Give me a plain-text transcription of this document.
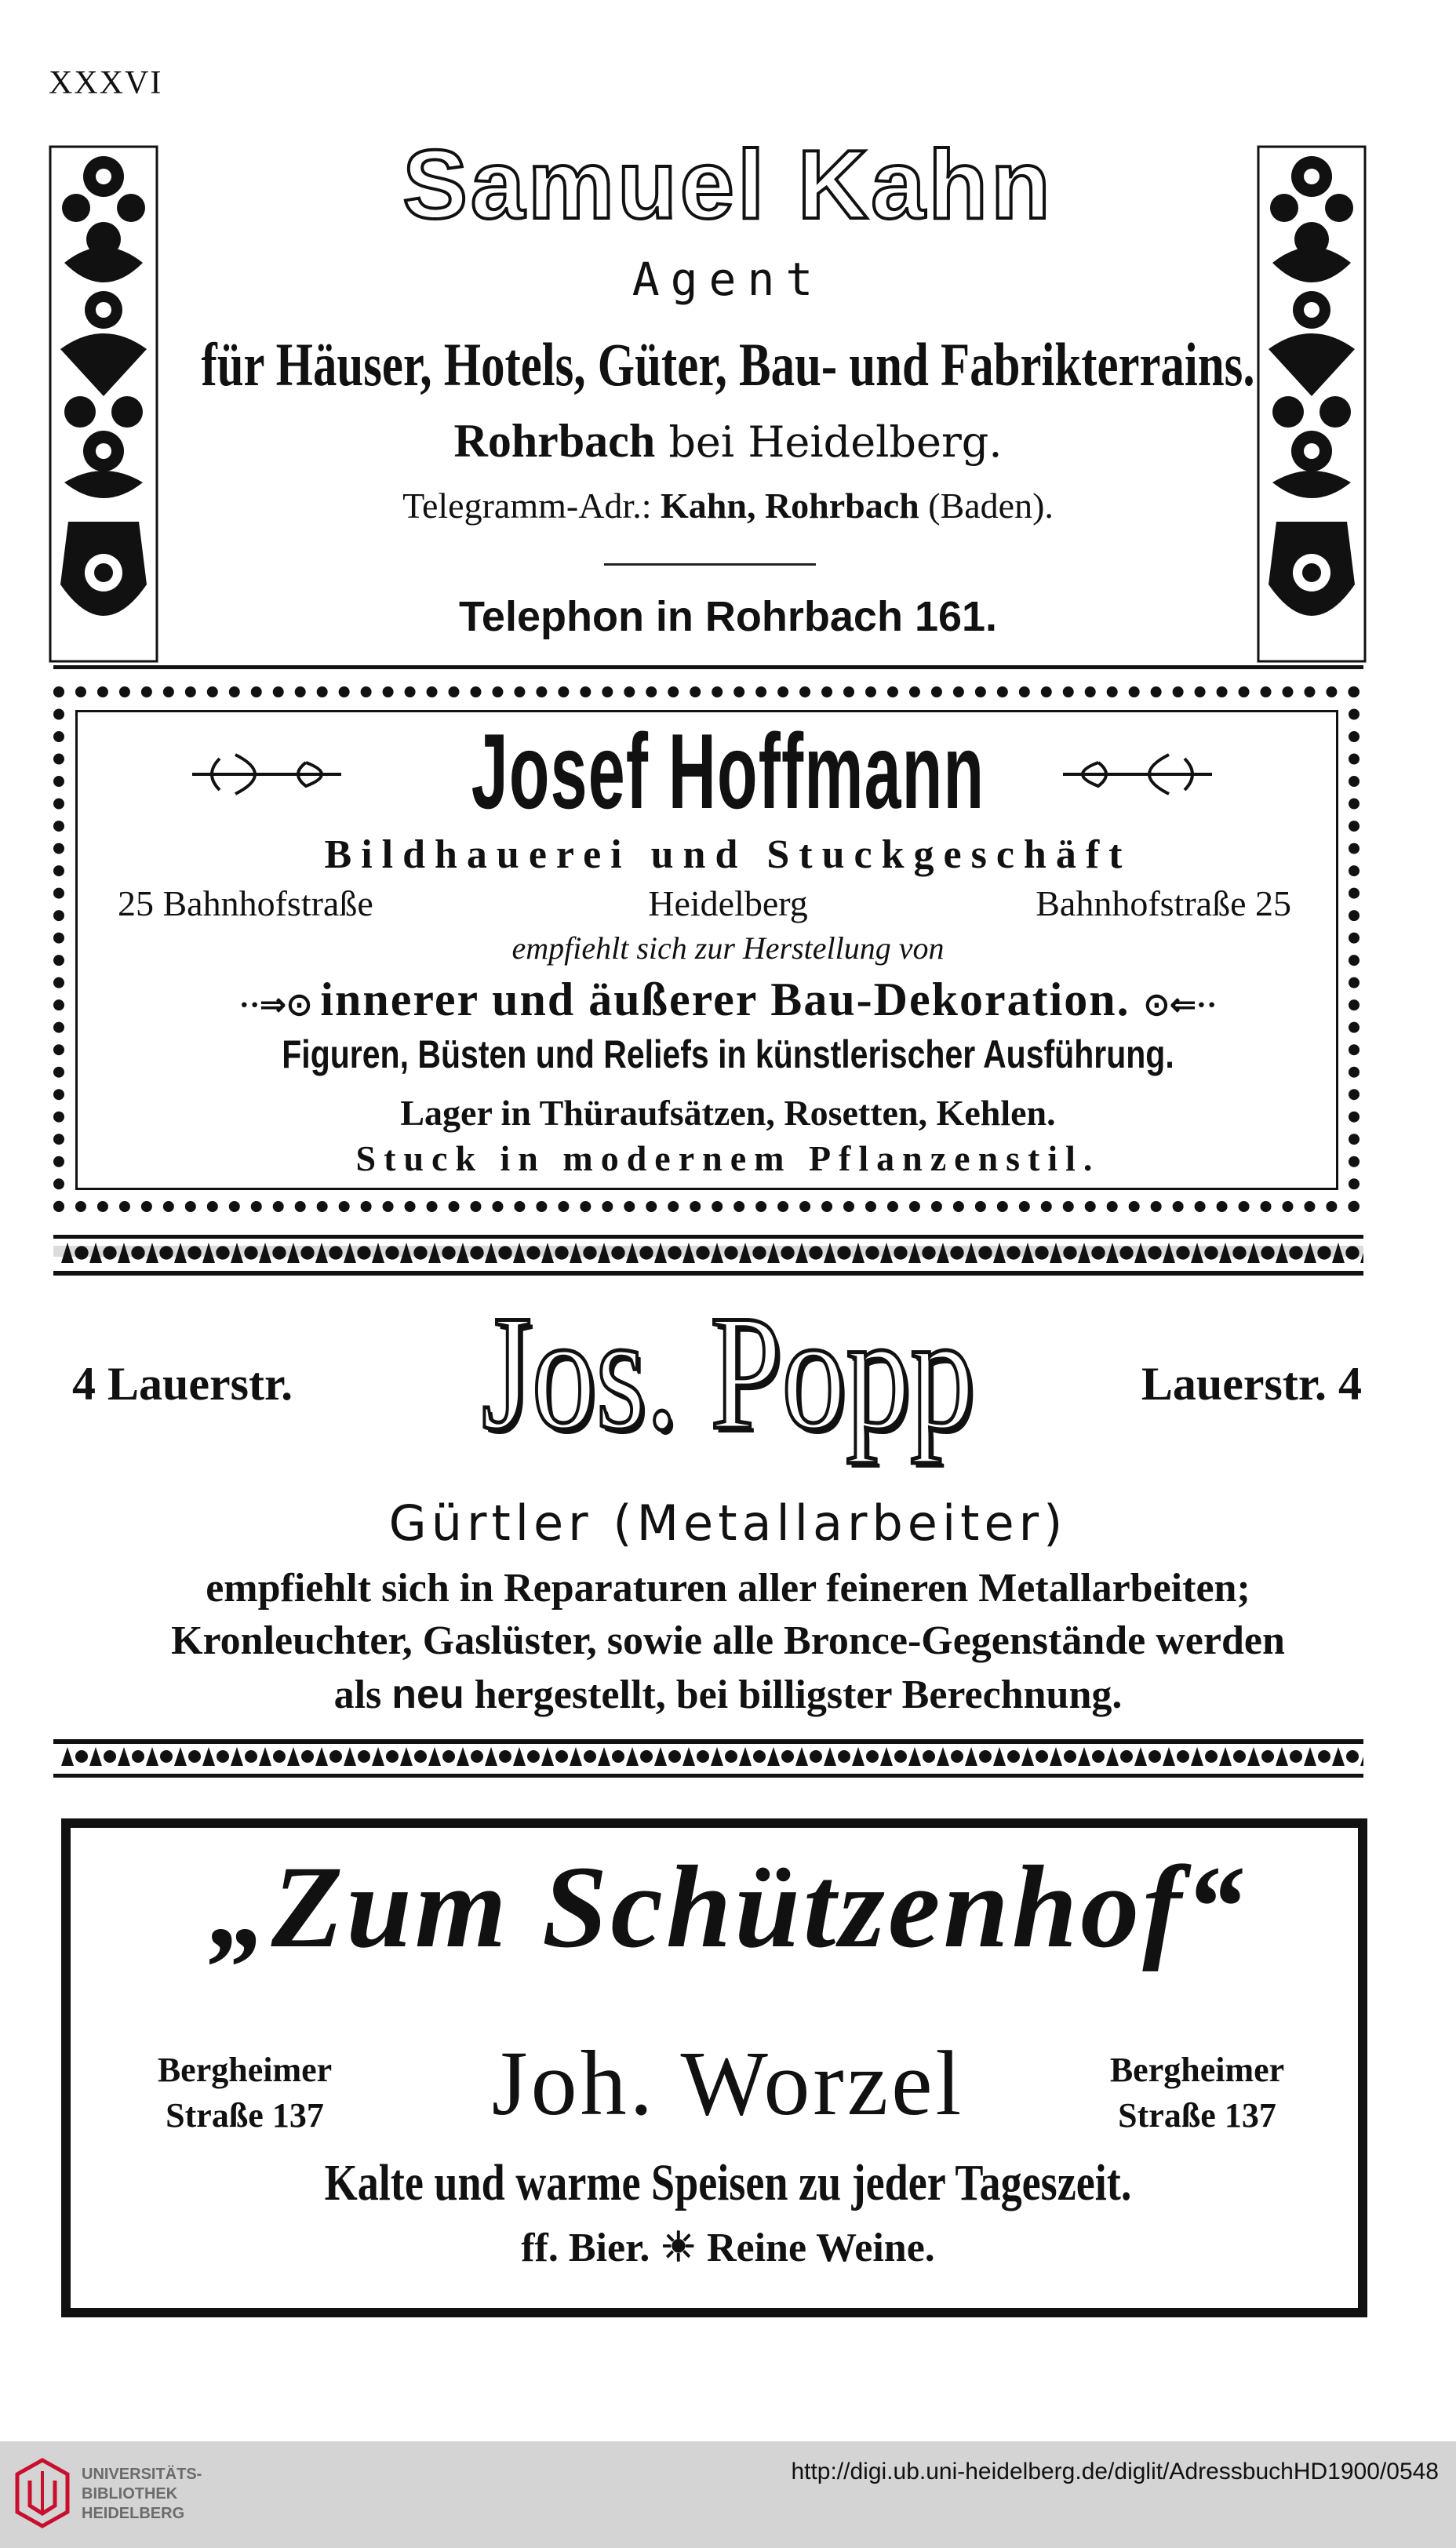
XXXVI
Samuel Kahn
Agent
für Häuser, Hotels, Güter, Bau- und Fabrikterrains.
Rohrbach bei Heidelberg.
Telegramm-Adr.: Kahn, Rohrbach (Baden).
Telephon in Rohrbach 161.
Josef Hoffmann
Bildhauerei und Stuckgeschäft
25 Bahnhofstraße	Heidelberg	Bahnhofstraße 25
empfiehlt sich zur Herstellung von
··⇒⊙ innerer und äußerer Bau-Dekoration. ⊙⇐··
Figuren, Büsten und Reliefs in künstlerischer Ausführung.
Lager in Thüraufsätzen, Rosetten, Kehlen.
Stuck in modernem Pflanzenstil.
4 Lauerstr.	Jos. Popp	Lauerstr. 4
Gürtler (Metallarbeiter)
empfiehlt sich in Reparaturen aller feineren Metallarbeiten;
Kronleuchter, Gaslüster, sowie alle Bronce-Gegenstände werden
als neu hergestellt, bei billigster Berechnung.
„Zum Schützenhof“
Bergheimer
Straße 137	Joh. Worzel	Bergheimer
Straße 137
Kalte und warme Speisen zu jeder Tageszeit.
ff. Bier. ☀ Reine Weine.
UNIVERSITÄTS-
BIBLIOTHEK
HEIDELBERG
http://digi.ub.uni-heidelberg.de/diglit/AdressbuchHD1900/0548
